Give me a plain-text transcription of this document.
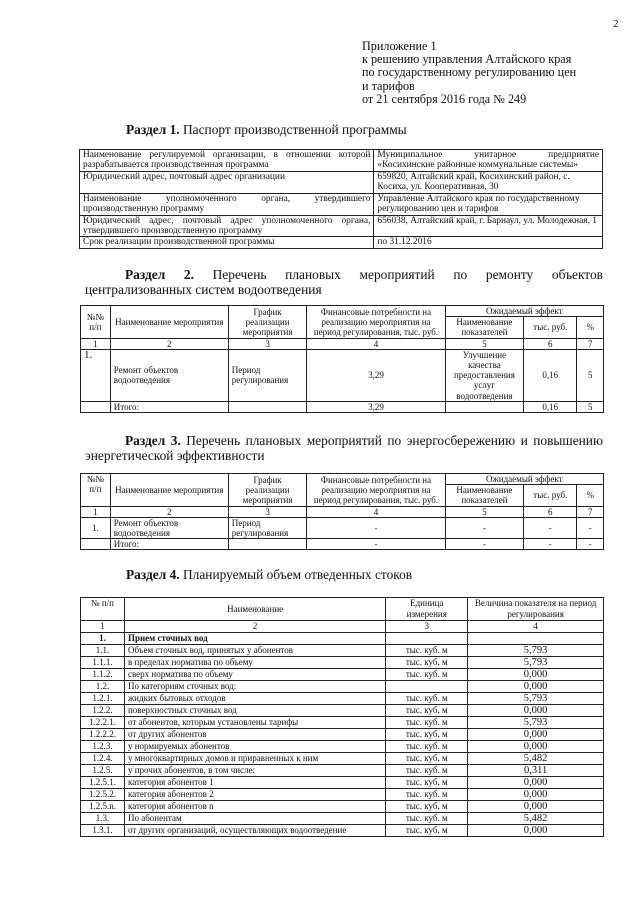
2
Приложение 1
к решению управления Алтайского края
по государственному регулированию цен
и тарифов
от 21 сентября 2016 года № 249
Раздел 1. Паспорт производственной программы
Наименование регулируемой организации, в отношении которой разрабатывается производственная программа	Муниципальное унитарное предприятие «Косихинские районные коммунальные системы»
Юридический адрес, почтовый адрес организации	659820, Алтайский край, Косихинский район, с. Косиха, ул. Кооперативная, 30
Наименование уполномоченного органа, утвердившего производственную программу	Управление Алтайского края по государственному регулированию цен и тарифов
Юридический адрес, почтовый адрес уполномоченного органа, утвердившего производственную программу	656038, Алтайский край, г. Барнаул, ул. Молодежная, 1
Срок реализации производственной программы	по 31.12.2016
Раздел 2. Перечень плановых мероприятий по ремонту объектов централизованных систем водоотведения
№№ п/п	Наименование мероприятия	График реализации мероприятия	Финансовые потребности на реализацию мероприятия на период регулирования, тыс. руб.	Ожидаемый эффект		
				Наименование показателей	тыс. руб.	%
1	2	3	4	5	6	7
1.	Ремонт объектов водоотведения	Период регулирования	3,29	Улучшение качества предоставления услуг водоотведения	0,16	5
	Итого:		3,29		0,16	5
Раздел 3. Перечень плановых мероприятий по энергосбережению и повышению энергетической эффективности
№№ п/п	Наименование мероприятия	График реализации мероприятия	Финансовые потребности на реализацию мероприятия на период регулирования, тыс. руб.	Ожидаемый эффект		
				Наименование показателей	тыс. руб.	%
1	2	3	4	5	6	7
1.	Ремонт объектов водоотведения	Период регулирования	-	-	-	-
	Итого:		-	-	-	-
Раздел 4. Планируемый объем отведенных стоков
№ п/п	Наименование	Единица измерения	Величина показателя на период регулирования
1	2	3	4
1.	Прием сточных вод		
1.1.	Объем сточных вод, принятых у абонентов	тыс. куб. м	5,793
1.1.1.	в пределах норматива по объему	тыс. куб. м	5,793
1.1.2.	сверх норматива по объему	тыс. куб. м	0,000
1.2.	По категориям сточных вод:		0,000
1.2.1.	жидких бытовых отходов	тыс. куб. м	5,793
1.2.2.	поверхностных сточных вод	тыс. куб. м	0,000
1.2.2.1.	от абонентов, которым установлены тарифы	тыс. куб. м	5,793
1.2.2.2.	от других абонентов	тыс. куб. м	0,000
1.2.3.	у нормируемых абонентов	тыс. куб. м	0,000
1.2.4.	у многоквартирных домов и приравненных к ним	тыс. куб. м	5,482
1.2.5.	у прочих абонентов, в том числе:	тыс. куб. м	0,311
1.2.5.1.	категория абонентов 1	тыс. куб. м	0,000
1.2.5.2.	категория абонентов 2	тыс. куб. м	0,000
1.2.5.n.	категория абонентов n	тыс. куб. м	0,000
1.3.	По абонентам	тыс. куб. м	5,482
1.3.1.	от других организаций, осуществляющих водоотведение	тыс. куб. м	0,000
